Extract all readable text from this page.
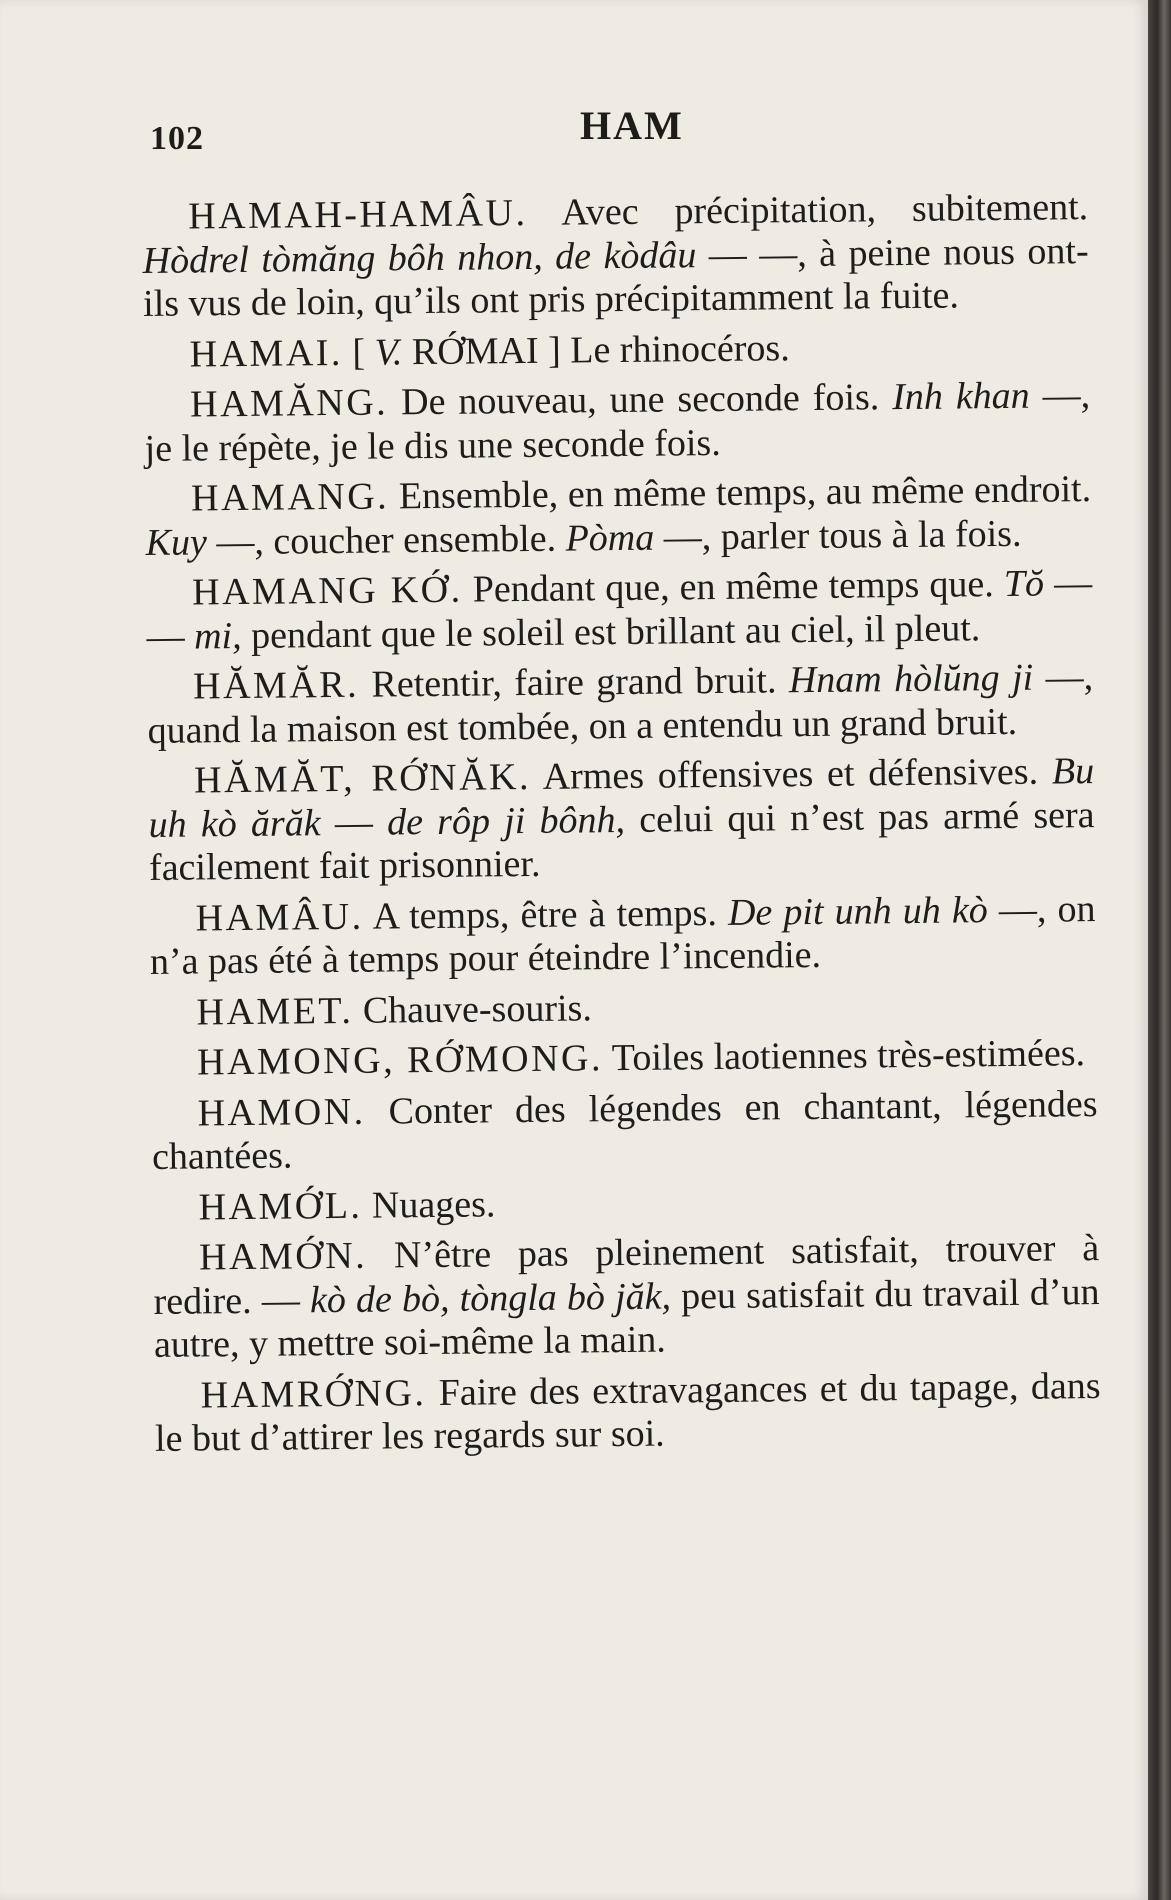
102	HAM

HAMAH-HAMÂU. Avec précipitation, subitement. Hòdrel tòmăng bôh nhon, de kòdâu — —, à peine nous ont-ils vus de loin, qu’ils ont pris précipitamment la fuite.

HAMAI. [ V. RỚMAI ] Le rhinocéros.

HAMĂNG. De nouveau, une seconde fois. Inh khan —, je le répète, je le dis une seconde fois.

HAMANG. Ensemble, en même temps, au même endroit. Kuy —, coucher ensemble. Pòma —, parler tous à la fois.

HAMANG KỚ. Pendant que, en même temps que. Tŏ — — mi, pendant que le soleil est brillant au ciel, il pleut.

HĂMĂR. Retentir, faire grand bruit. Hnam hòlŭng ji —, quand la maison est tombée, on a entendu un grand bruit.

HĂMĂT, RỚNĂK. Armes offensives et défensives. Bu uh kò ărăk — de rôp ji bônh, celui qui n’est pas armé sera facilement fait prisonnier.

HAMÂU. A temps, être à temps. De pit unh uh kò —, on n’a pas été à temps pour éteindre l’incendie.

HAMET. Chauve-souris.

HAMONG, RỚMONG. Toiles laotiennes très-estimées.

HAMON. Conter des légendes en chantant, légendes chantées.

HAMỚL. Nuages.

HAMỚN. N’être pas pleinement satisfait, trouver à redire. — kò de bò, tòngla bò jăk, peu satisfait du travail d’un autre, y mettre soi-même la main.

HAMRỚNG. Faire des extravagances et du tapage, dans le but d’attirer les regards sur soi.
